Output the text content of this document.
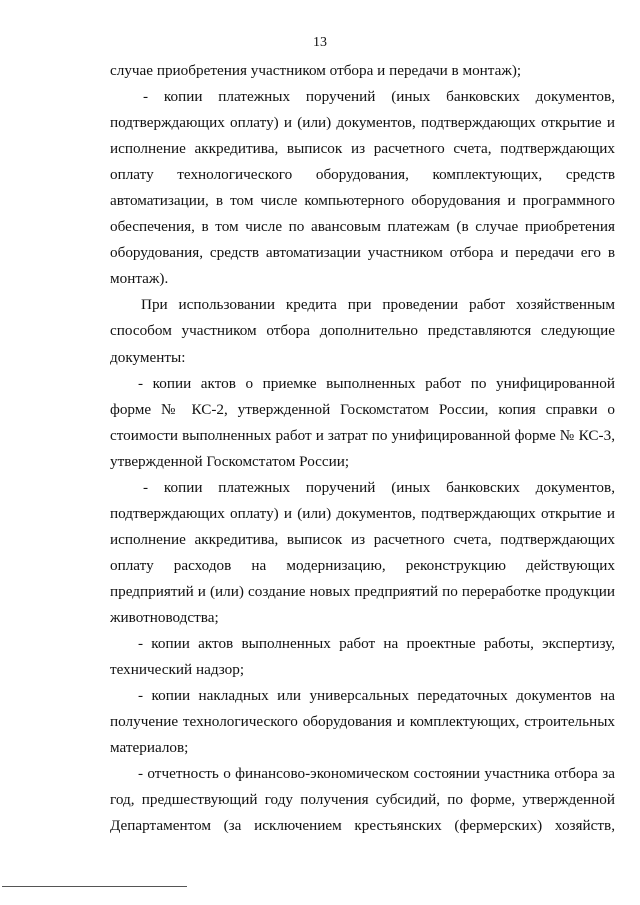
13
случае приобретения участником отбора и передачи в монтаж);
- копии платежных поручений (иных банковских документов,
подтверждающих оплату) и (или) документов, подтверждающих открытие и
исполнение аккредитива, выписок из расчетного счета, подтверждающих
оплату технологического оборудования, комплектующих, средств
автоматизации, в том числе компьютерного оборудования и программного
обеспечения, в том числе по авансовым платежам (в случае приобретения
оборудования, средств автоматизации участником отбора и передачи его в
монтаж).
При использовании кредита при проведении работ хозяйственным
способом участником отбора дополнительно представляются следующие
документы:
- копии актов о приемке выполненных работ по унифицированной
форме № КС-2, утвержденной Госкомстатом России, копия справки о
стоимости выполненных работ и затрат по унифицированной форме № КС-3,
утвержденной Госкомстатом России;
- копии платежных поручений (иных банковских документов,
подтверждающих оплату) и (или) документов, подтверждающих открытие и
исполнение аккредитива, выписок из расчетного счета, подтверждающих
оплату расходов на модернизацию, реконструкцию действующих
предприятий и (или) создание новых предприятий по переработке продукции
животноводства;
- копии актов выполненных работ на проектные работы, экспертизу,
технический надзор;
- копии накладных или универсальных передаточных документов на
получение технологического оборудования и комплектующих, строительных
материалов;
- отчетность о финансово-экономическом состоянии участника отбора за
год, предшествующий году получения субсидий, по форме, утвержденной
Департаментом (за исключением крестьянских (фермерских) хозяйств,
